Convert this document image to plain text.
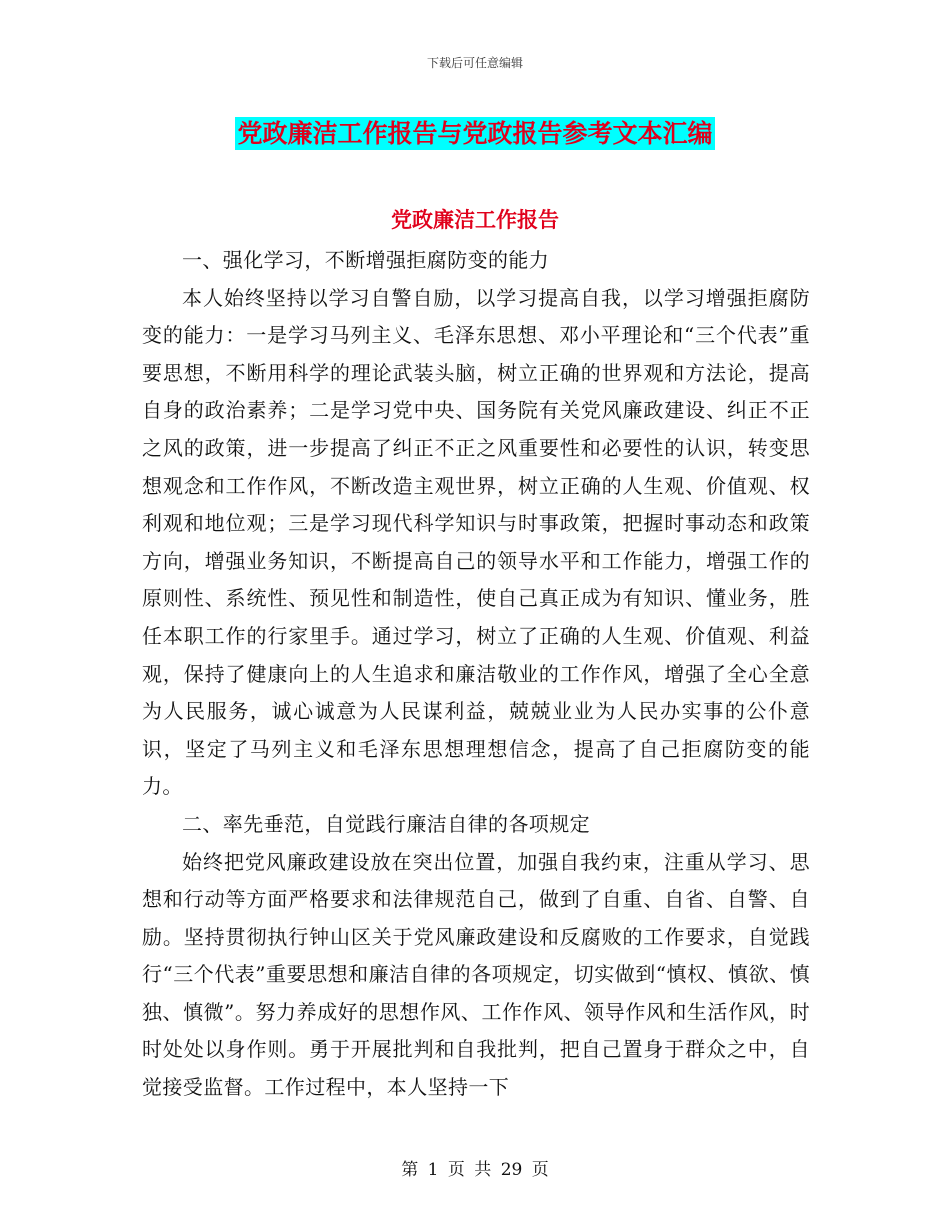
下载后可任意编辑
党政廉洁工作报告与党政报告参考文本汇编
党政廉洁工作报告

一、强化学习，不断增强拒腐防变的能力

本人始终坚持以学习自警自励，以学习提高自我，以学习增强拒腐防变的能力：一是学习马列主义、毛泽东思想、邓小平理论和“三个代表”重要思想，不断用科学的理论武装头脑，树立正确的世界观和方法论，提高自身的政治素养；二是学习党中央、国务院有关党风廉政建设、纠正不正之风的政策，进一步提高了纠正不正之风重要性和必要性的认识，转变思想观念和工作作风，不断改造主观世界，树立正确的人生观、价值观、权利观和地位观；三是学习现代科学知识与时事政策，把握时事动态和政策方向，增强业务知识，不断提高自己的领导水平和工作能力，增强工作的原则性、系统性、预见性和制造性，使自己真正成为有知识、懂业务，胜任本职工作的行家里手。通过学习，树立了正确的人生观、价值观、利益观，保持了健康向上的人生追求和廉洁敬业的工作作风，增强了全心全意为人民服务，诚心诚意为人民谋利益，兢兢业业为人民办实事的公仆意识，坚定了马列主义和毛泽东思想理想信念，提高了自己拒腐防变的能力。

二、率先垂范，自觉践行廉洁自律的各项规定

始终把党风廉政建设放在突出位置，加强自我约束，注重从学习、思想和行动等方面严格要求和法律规范自己，做到了自重、自省、自警、自励。坚持贯彻执行钟山区关于党风廉政建设和反腐败的工作要求，自觉践行“三个代表”重要思想和廉洁自律的各项规定，切实做到“慎权、慎欲、慎独、慎微”。努力养成好的思想作风、工作作风、领导作风和生活作风，时时处处以身作则。勇于开展批判和自我批判，把自己置身于群众之中，自觉接受监督。工作过程中，本人坚持一下

第 1 页 共 29 页
